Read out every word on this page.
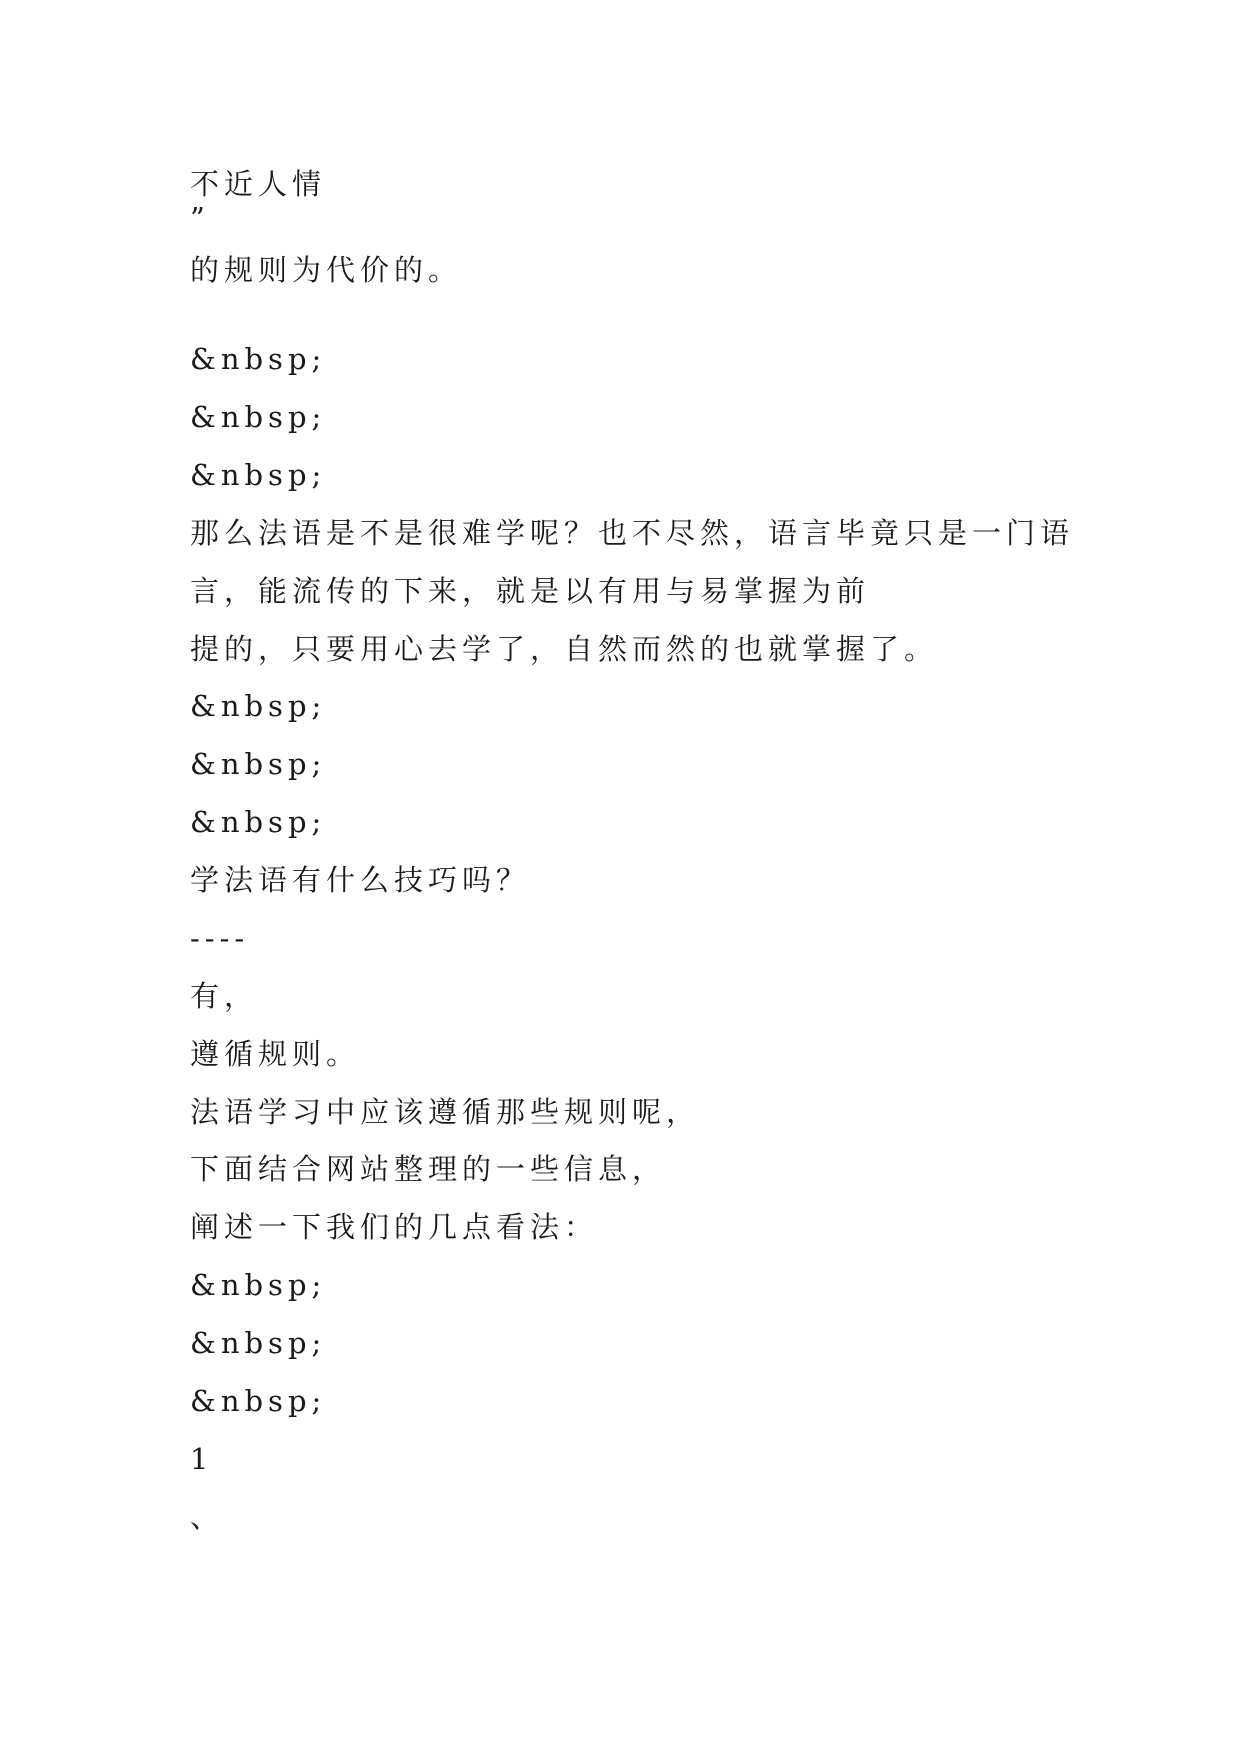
不近人情
”
的规则为代价的。
&nbsp;
&nbsp;
&nbsp;
那么法语是不是很难学呢？也不尽然，语言毕竟只是一门语
言，能流传的下来，就是以有用与易掌握为前
提的，只要用心去学了，自然而然的也就掌握了。
&nbsp;
&nbsp;
&nbsp;
学法语有什么技巧吗？
----
有，
遵循规则。
法语学习中应该遵循那些规则呢，
下面结合网站整理的一些信息，
阐述一下我们的几点看法：
&nbsp;
&nbsp;
&nbsp;
1
、
